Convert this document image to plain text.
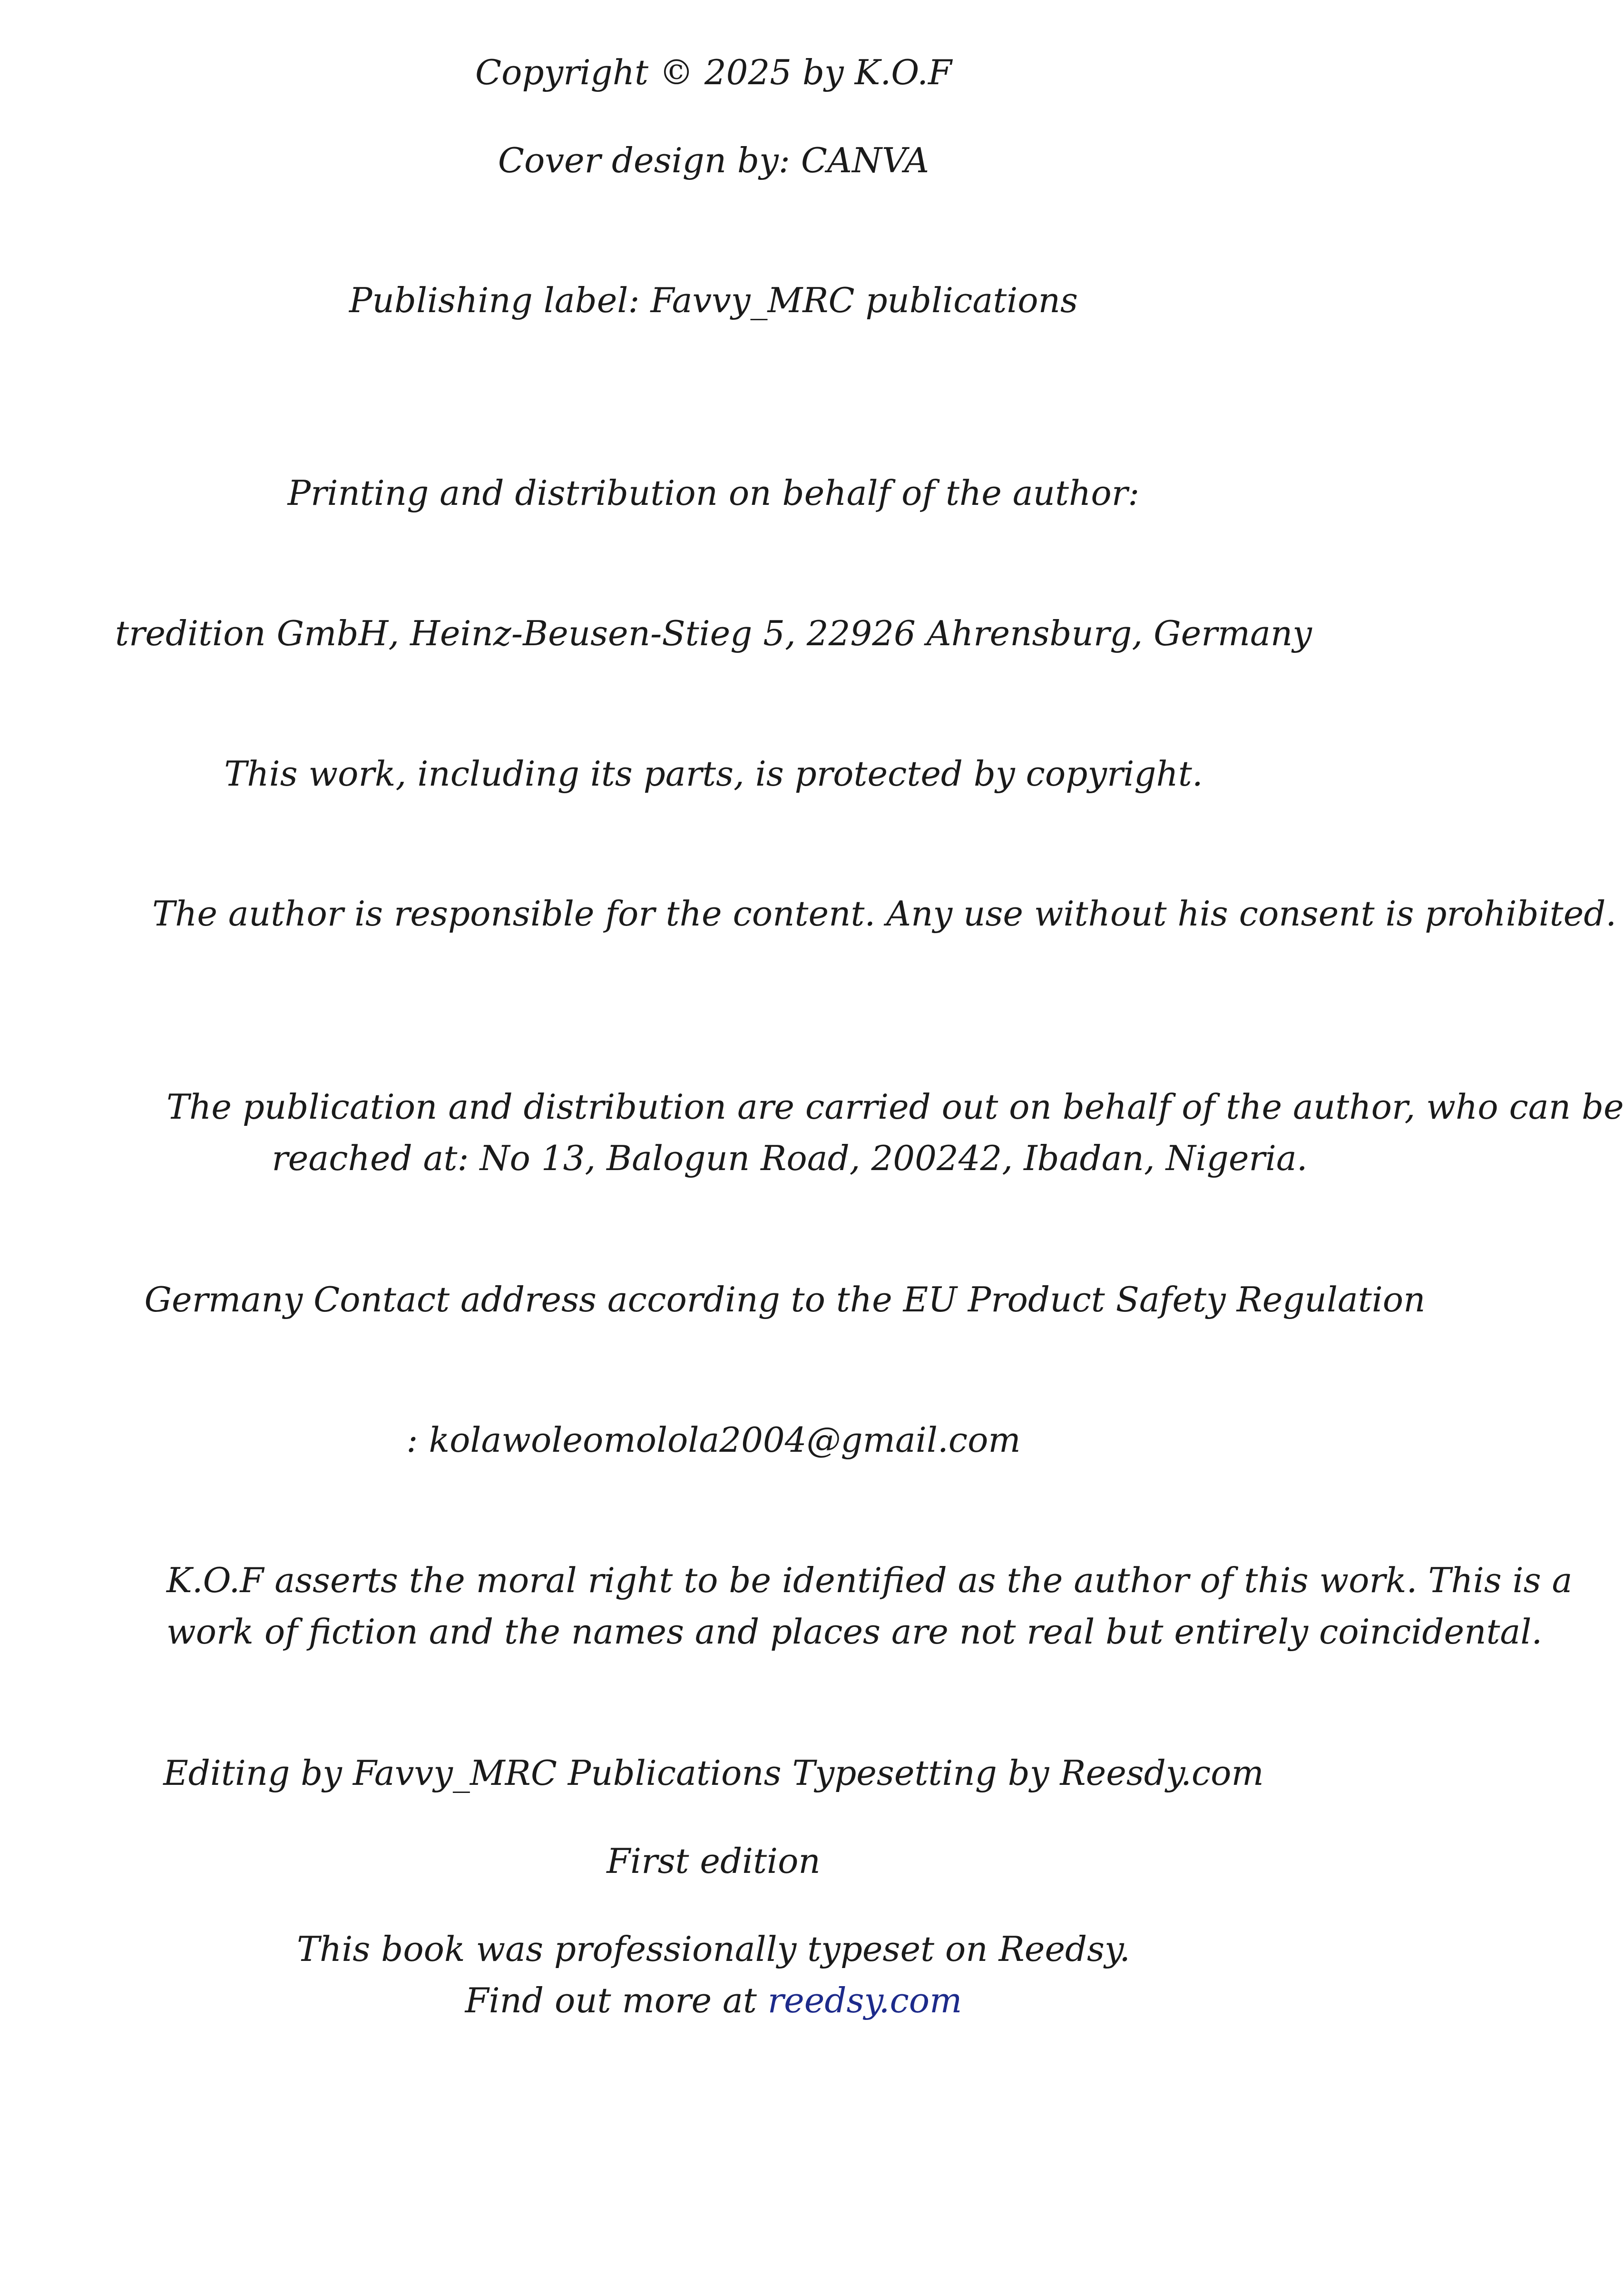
Copyright © 2025 by K.O.F
Cover design by: CANVA
Publishing label: Favvy_MRC publications
Printing and distribution on behalf of the author:
tredition GmbH, Heinz-Beusen-Stieg 5, 22926 Ahrensburg, Germany
This work, including its parts, is protected by copyright.
The author is responsible for the content. Any use without his consent is prohibited.
The publication and distribution are carried out on behalf of the author, who can be
reached at: No 13, Balogun Road, 200242, Ibadan, Nigeria.
Germany Contact address according to the EU Product Safety Regulation
: kolawoleomolola2004@gmail.com
K.O.F asserts the moral right to be identified as the author of this work. This is a
work of fiction and the names and places are not real but entirely coincidental.
Editing by Favvy_MRC Publications Typesetting by Reesdy.com
First edition
This book was professionally typeset on Reedsy.
Find out more at reedsy.com
